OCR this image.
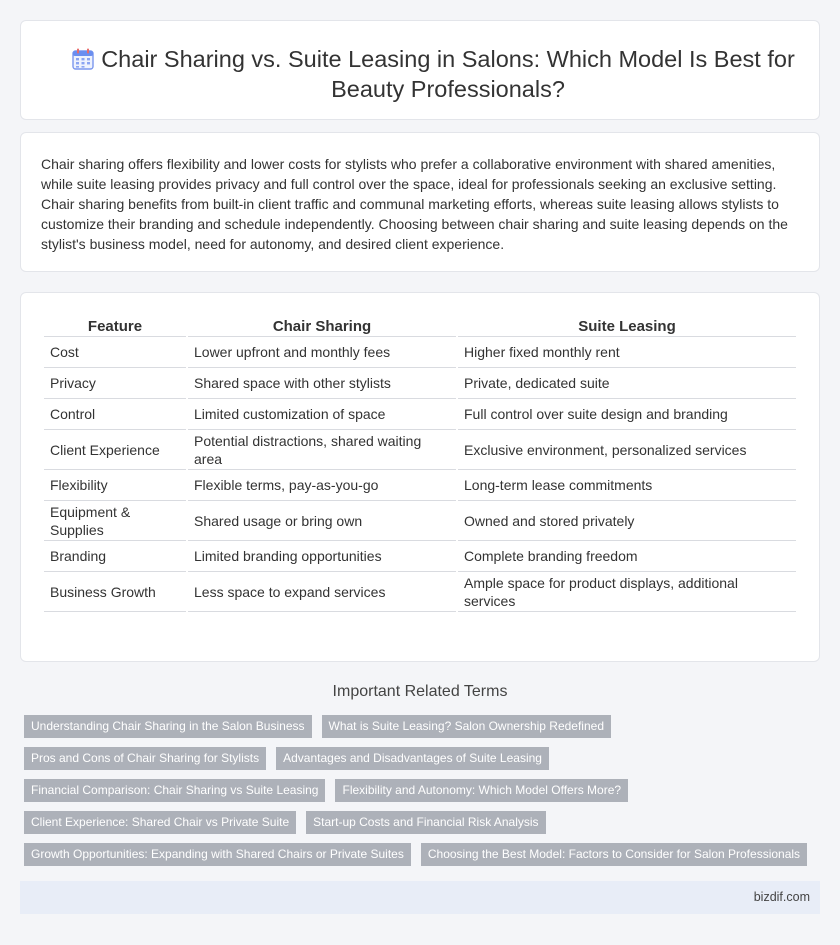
Chair Sharing vs. Suite Leasing in Salons: Which Model Is Best for Beauty Professionals?

Chair sharing offers flexibility and lower costs for stylists who prefer a collaborative environment with shared amenities, while suite leasing provides privacy and full control over the space, ideal for professionals seeking an exclusive setting. Chair sharing benefits from built-in client traffic and communal marketing efforts, whereas suite leasing allows stylists to customize their branding and schedule independently. Choosing between chair sharing and suite leasing depends on the stylist's business model, need for autonomy, and desired client experience.

Feature	Chair Sharing	Suite Leasing
Cost	Lower upfront and monthly fees	Higher fixed monthly rent
Privacy	Shared space with other stylists	Private, dedicated suite
Control	Limited customization of space	Full control over suite design and branding
Client Experience	Potential distractions, shared waiting area	Exclusive environment, personalized services
Flexibility	Flexible terms, pay-as-you-go	Long-term lease commitments
Equipment & Supplies	Shared usage or bring own	Owned and stored privately
Branding	Limited branding opportunities	Complete branding freedom
Business Growth	Less space to expand services	Ample space for product displays, additional services
Important Related Terms
Understanding Chair Sharing in the Salon Business What is Suite Leasing? Salon Ownership Redefined
Pros and Cons of Chair Sharing for Stylists Advantages and Disadvantages of Suite Leasing
Financial Comparison: Chair Sharing vs Suite Leasing Flexibility and Autonomy: Which Model Offers More?
Client Experience: Shared Chair vs Private Suite Start-up Costs and Financial Risk Analysis
Growth Opportunities: Expanding with Shared Chairs or Private Suites Choosing the Best Model: Factors to Consider for Salon Professionals
bizdif.com
